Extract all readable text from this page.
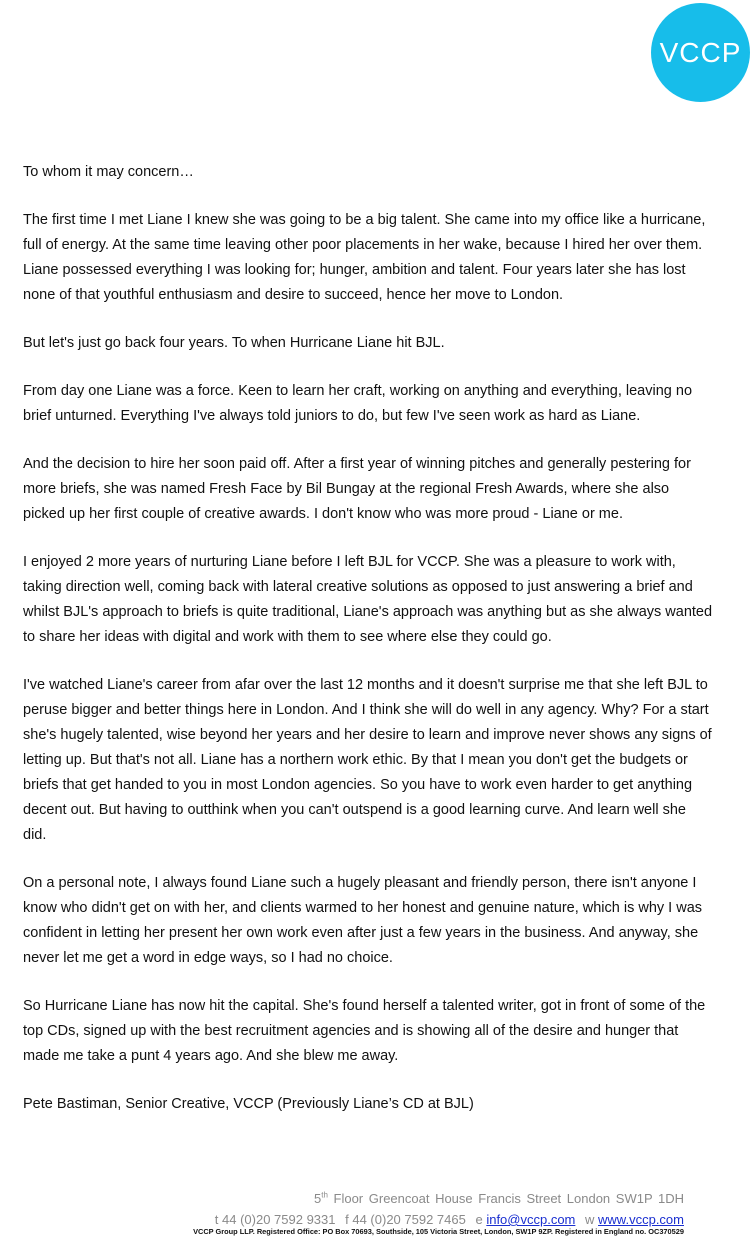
VCCP

To whom it may concern…

The first time I met Liane I knew she was going to be a big talent. She came into my office like a hurricane, full of energy. At the same time leaving other poor placements in her wake, because I hired her over them. Liane possessed everything I was looking for; hunger, ambition and talent. Four years later she has lost none of that youthful enthusiasm and desire to succeed, hence her move to London.

But let's just go back four years. To when Hurricane Liane hit BJL.

From day one Liane was a force. Keen to learn her craft, working on anything and everything, leaving no brief unturned. Everything I've always told juniors to do, but few I've seen work as hard as Liane.

And the decision to hire her soon paid off. After a first year of winning pitches and generally pestering for more briefs, she was named Fresh Face by Bil Bungay at the regional Fresh Awards, where she also picked up her first couple of creative awards. I don't know who was more proud - Liane or me.

I enjoyed 2 more years of nurturing Liane before I left BJL for VCCP. She was a pleasure to work with, taking direction well, coming back with lateral creative solutions as opposed to just answering a brief and whilst BJL's approach to briefs is quite traditional, Liane's approach was anything but as she always wanted to share her ideas with digital and work with them to see where else they could go.

I've watched Liane's career from afar over the last 12 months and it doesn't surprise me that she left BJL to peruse bigger and better things here in London. And I think she will do well in any agency. Why? For a start she's hugely talented, wise beyond her years and her desire to learn and improve never shows any signs of letting up. But that's not all. Liane has a northern work ethic. By that I mean you don't get the budgets or briefs that get handed to you in most London agencies. So you have to work even harder to get anything decent out. But having to outthink when you can't outspend is a good learning curve. And learn well she did.

On a personal note, I always found Liane such a hugely pleasant and friendly person, there isn't anyone I know who didn't get on with her, and clients warmed to her honest and genuine nature, which is why I was confident in letting her present her own work even after just a few years in the business. And anyway, she never let me get a word in edge ways, so I had no choice.

So Hurricane Liane has now hit the capital. She's found herself a talented writer, got in front of some of the top CDs, signed up with the best recruitment agencies and is showing all of the desire and hunger that made me take a punt 4 years ago. And she blew me away.

Pete Bastiman, Senior Creative, VCCP (Previously Liane’s CD at BJL)

5th Floor Greencoat House Francis Street London SW1P 1DH
t 44 (0)20 7592 9331 f 44 (0)20 7592 7465 e info@vccp.com w www.vccp.com
VCCP Group LLP. Registered Office: PO Box 70693, Southside, 105 Victoria Street, London, SW1P 9ZP. Registered in England no. OC370529
